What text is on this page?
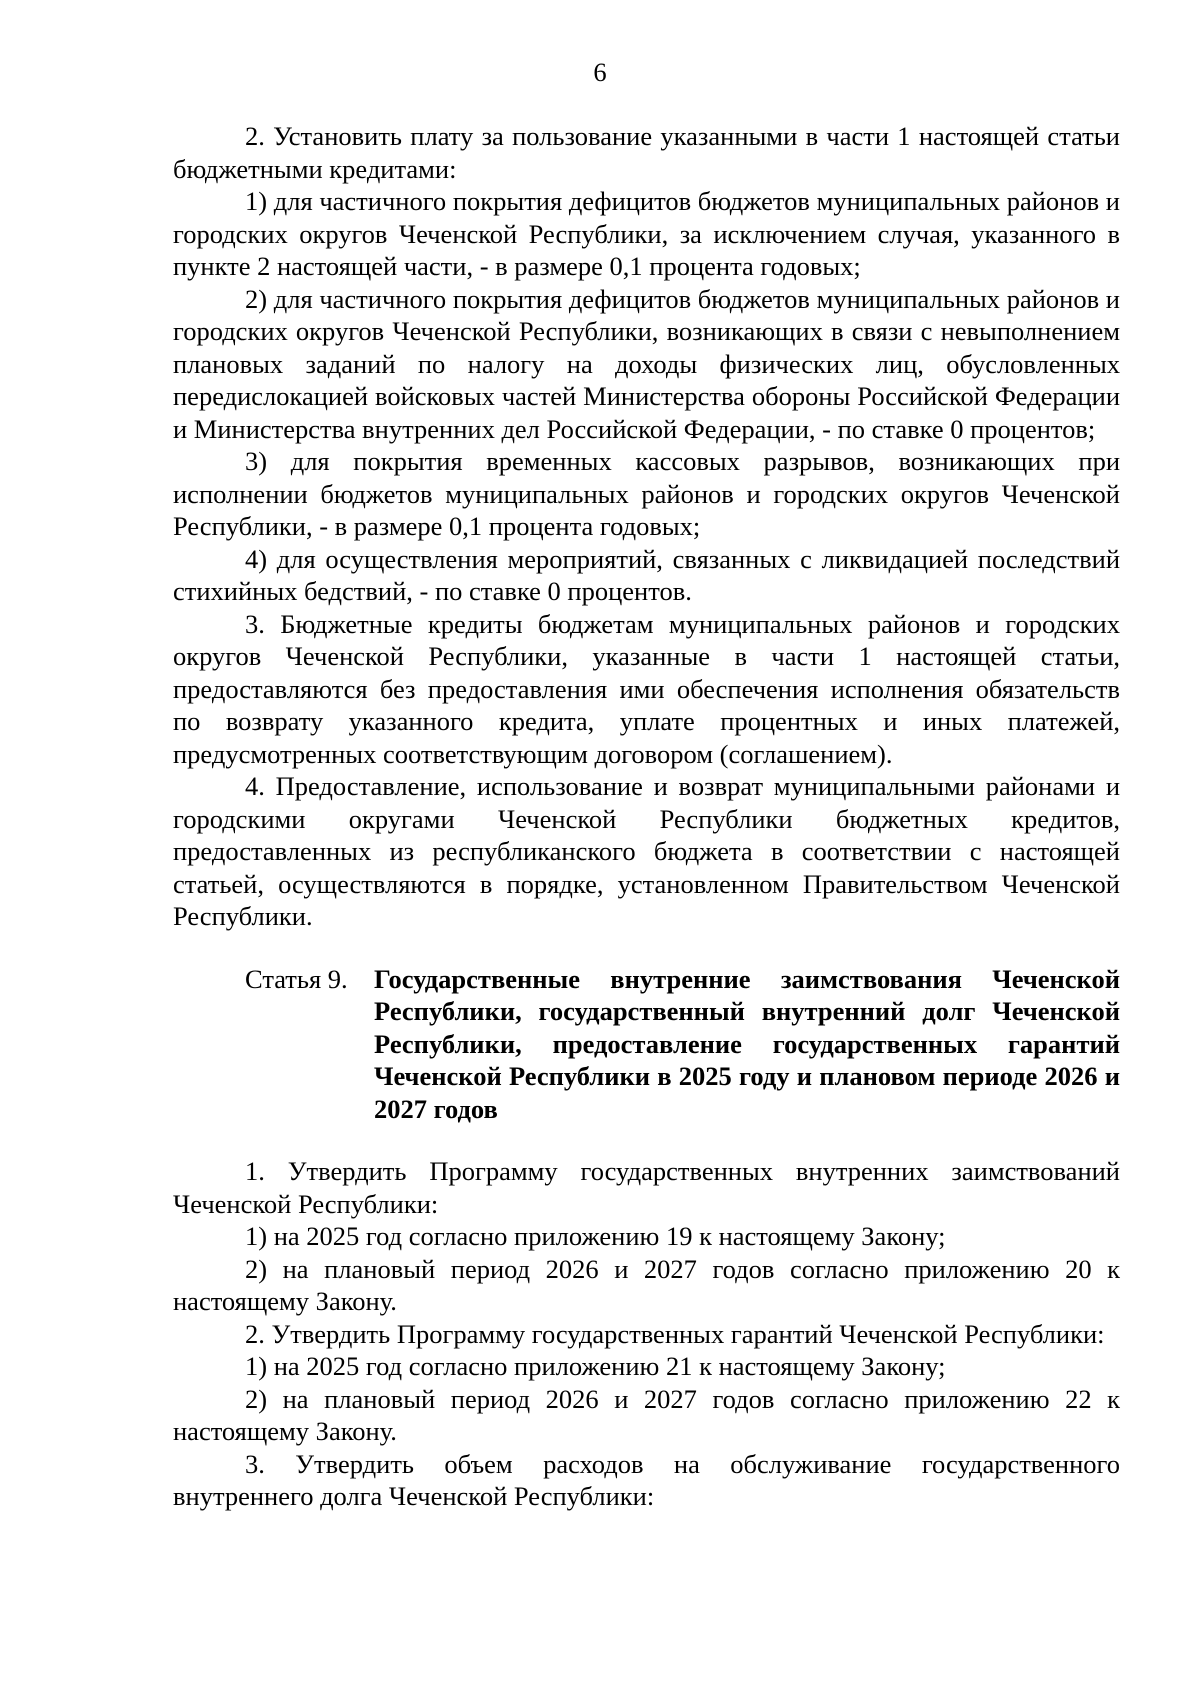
6

2. Установить плату за пользование указанными в части 1 настоящей статьи бюджетными кредитами:

1) для частичного покрытия дефицитов бюджетов муниципальных районов и городских округов Чеченской Республики, за исключением случая, указанного в пункте 2 настоящей части, - в размере 0,1 процента годовых;

2) для частичного покрытия дефицитов бюджетов муниципальных районов и городских округов Чеченской Республики, возникающих в связи с невыполнением плановых заданий по налогу на доходы физических лиц, обусловленных передислокацией войсковых частей Министерства обороны Российской Федерации и Министерства внутренних дел Российской Федерации, - по ставке 0 процентов;

3) для покрытия временных кассовых разрывов, возникающих при исполнении бюджетов муниципальных районов и городских округов Чеченской Республики, - в размере 0,1 процента годовых;

4) для осуществления мероприятий, связанных с ликвидацией последствий стихийных бедствий, - по ставке 0 процентов.

3. Бюджетные кредиты бюджетам муниципальных районов и городских округов Чеченской Республики, указанные в части 1 настоящей статьи, предоставляются без предоставления ими обеспечения исполнения обязательств по возврату указанного кредита, уплате процентных и иных платежей, предусмотренных соответствующим договором (соглашением).

4. Предоставление, использование и возврат муниципальными районами и городскими округами Чеченской Республики бюджетных кредитов, предоставленных из республиканского бюджета в соответствии с настоящей статьей, осуществляются в порядке, установленном Правительством Чеченской Республики.

Статья 9. Государственные внутренние заимствования Чеченской Республики, государственный внутренний долг Чеченской Республики, предоставление государственных гарантий Чеченской Республики в 2025 году и плановом периоде 2026 и 2027 годов

1. Утвердить Программу государственных внутренних заимствований Чеченской Республики:

1) на 2025 год согласно приложению 19 к настоящему Закону;

2) на плановый период 2026 и 2027 годов согласно приложению 20 к настоящему Закону.

2. Утвердить Программу государственных гарантий Чеченской Республики:

1) на 2025 год согласно приложению 21 к настоящему Закону;

2) на плановый период 2026 и 2027 годов согласно приложению 22 к настоящему Закону.

3. Утвердить объем расходов на обслуживание государственного внутреннего долга Чеченской Республики:
